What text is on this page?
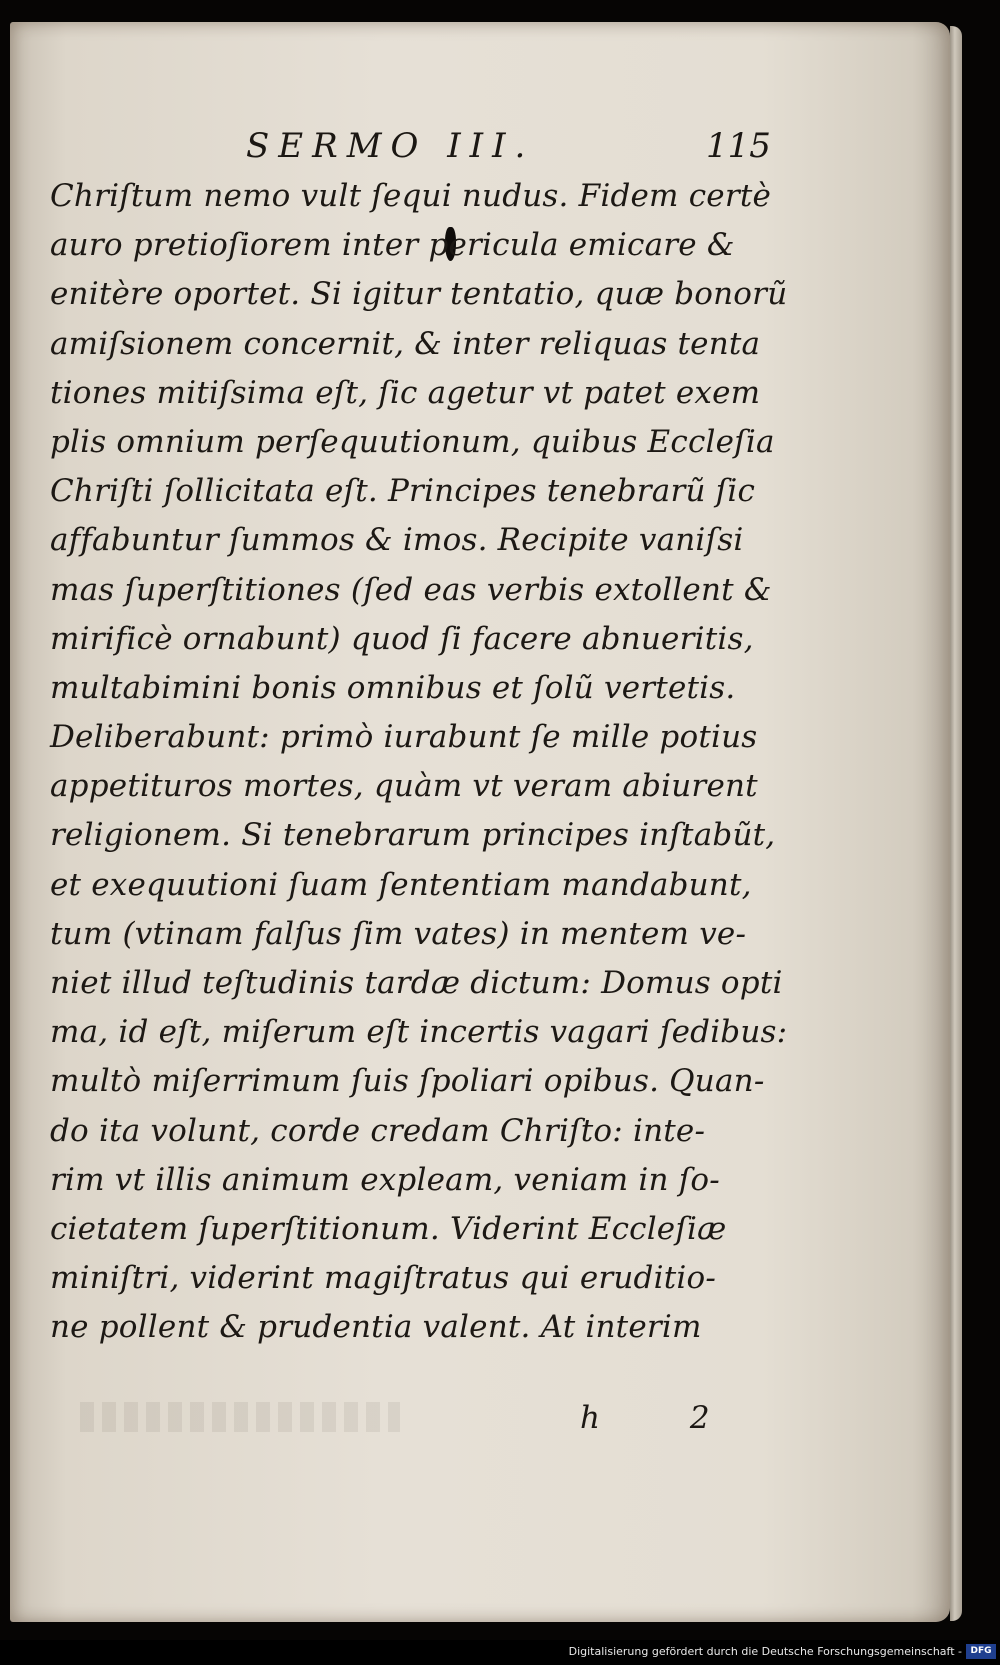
SERMO III.	115
Chriſtum nemo vult ſequi nudus. Fidem certè
auro pretioſiorem inter pericula emicare &
enitère oportet. Si igitur tentatio, quæ bonorũ
amiſsionem concernit, & inter reliquas tenta
tiones mitiſsima eſt, ſic agetur vt patet exem
plis omnium perſequutionum, quibus Eccleſia
Chriſti ſollicitata eſt. Principes tenebrarũ ſic
affabuntur ſummos & imos. Recipite vaniſsi
mas ſuperſtitiones (ſed eas verbis extollent &
mirificè ornabunt) quod ſi facere abnueritis,
multabimini bonis omnibus et ſolũ vertetis.
Deliberabunt: primò iurabunt ſe mille potius
appetituros mortes, quàm vt veram abiurent
religionem. Si tenebrarum principes inſtabũt,
et exequutioni ſuam ſententiam mandabunt,
tum (vtinam falſus ſim vates) in mentem ve-
niet illud teſtudinis tardæ dictum: Domus opti
ma, id eſt, miſerum eſt incertis vagari ſedibus:
multò miſerrimum ſuis ſpoliari opibus. Quan-
do ita volunt, corde credam Chriſto: inte-
rim vt illis animum expleam, veniam in ſo-
cietatem ſuperſtitionum. Viderint Eccleſiæ
miniſtri, viderint magiſtratus qui eruditio-
ne pollent & prudentia valent. At interim
h 2
Digitalisierung gefördert durch die Deutsche Forschungsgemeinschaft - DFG
